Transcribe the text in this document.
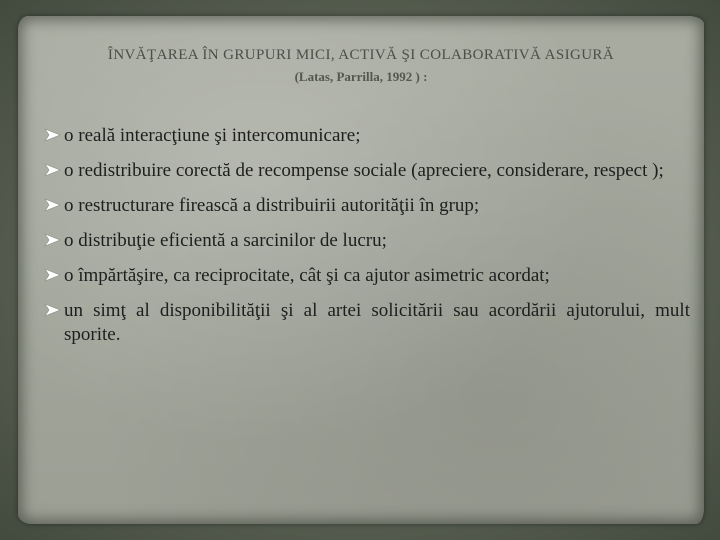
ÎNVĂŢAREA ÎN GRUPURI MICI, ACTIVĂ ŞI COLABORATIVĂ ASIGURĂ
(Latas, Parrilla, 1992 ) :
o reală interacţiune şi intercomunicare;
o redistribuire corectă de recompense sociale (apreciere, considerare, respect );
o restructurare firească a distribuirii autorităţii în grup;
o distribuţie eficientă a sarcinilor de lucru;
o împărtăşire, ca reciprocitate, cât şi ca ajutor asimetric acordat;
un simţ al disponibilităţii şi al artei solicitării sau acordării ajutorului, mult sporite.
